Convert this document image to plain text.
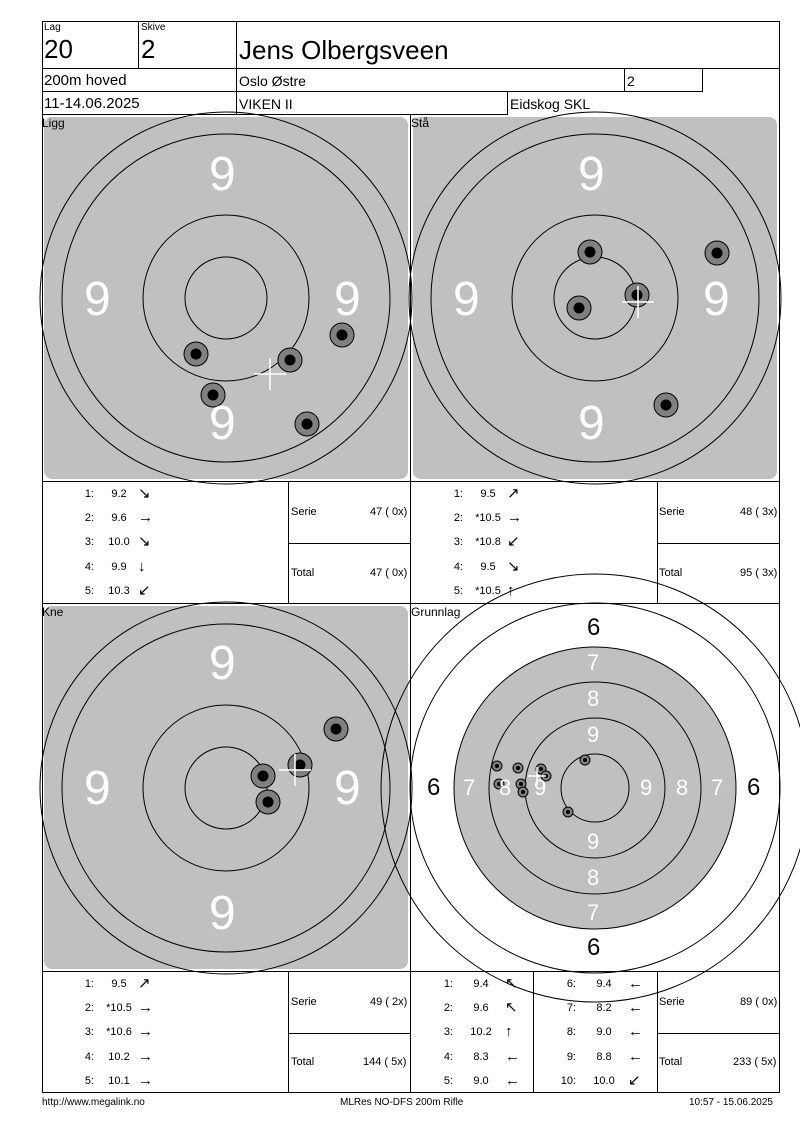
Lag
20
Skive
2	Jens Olbergsveen
200m hoved	Oslo Østre	2
11-14.06.2025	VIKEN II	Eidskog SKL
9
9	9
9
9
9	9
9
9
9	9
9
6
6
6	6
7
7
7	7
8
8
8	8
9
9
9	9
Ligg	Stå
Kne	Grunnlag
1:	9.2 ↘
2:	9.6 →
3:	10.0 ↘
4:	9.9 ↓
5:	10.3 ↙
1:	9.5 ↗
2:	*10.5 →
3:	*10.8 ↙
4:	9.5 ↘
5:	*10.5 ↑
1:	9.5 ↗
2:	*10.5 →
3:	*10.6 →
4:	10.2 →
5:	10.1 →
1:	9.4	↖
2:	9.6	↖
3:	10.2 ↑
4:	8.3	←
5:	9.0	←
6:	9.4	←
7:	8.2	←
8:	9.0	←
9:	8.8	←
10:	10.0 ↙
Serie	47 ( 0x)
Total	47 ( 0x)
Serie	48 ( 3x)
Total	95 ( 3x)
Serie	49 ( 2x)
Total	144 ( 5x)
Serie	89 ( 0x)
Total	233 ( 5x)
http://www.megalink.no	MLRes NO-DFS 200m Rifle	10:57 - 15.06.2025
